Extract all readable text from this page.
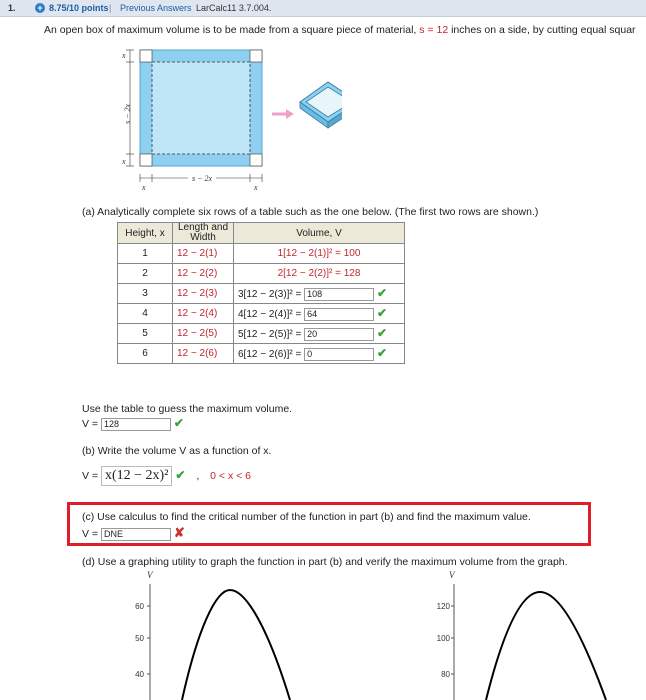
1. + 8.75/10 points | Previous Answers LarCalc11 3.7.004.
An open box of maximum volume is to be made from a square piece of material, s = 12 inches on a side, by cutting equal squar
x
x
s − 2x
x	x
s − 2x
(a) Analytically complete six rows of a table such as the one below. (The first two rows are shown.)
Height, x	Length and Width	Volume, V
1	12 − 2(1)	1[12 − 2(1)]² = 100
2	12 − 2(2)	2[12 − 2(2)]² = 128
3	12 − 2(3)	3[12 − 2(3)]² = 108 ✔
4	12 − 2(4)	4[12 − 2(4)]² = 64 ✔
5	12 − 2(5)	5[12 − 2(5)]² = 20 ✔
6	12 − 2(6)	6[12 − 2(6)]² = 0 ✔
Use the table to guess the maximum volume.
V = 128	✔
(b) Write the volume V as a function of x.
V = x(12 − 2x)² ✔ , 0 < x < 6
(c) Use calculus to find the critical number of the function in part (b) and find the maximum value.
V = DNE	✘
(d) Use a graphing utility to graph the function in part (b) and verify the maximum volume from the graph.
V
60
50
40
V
120
100
80
